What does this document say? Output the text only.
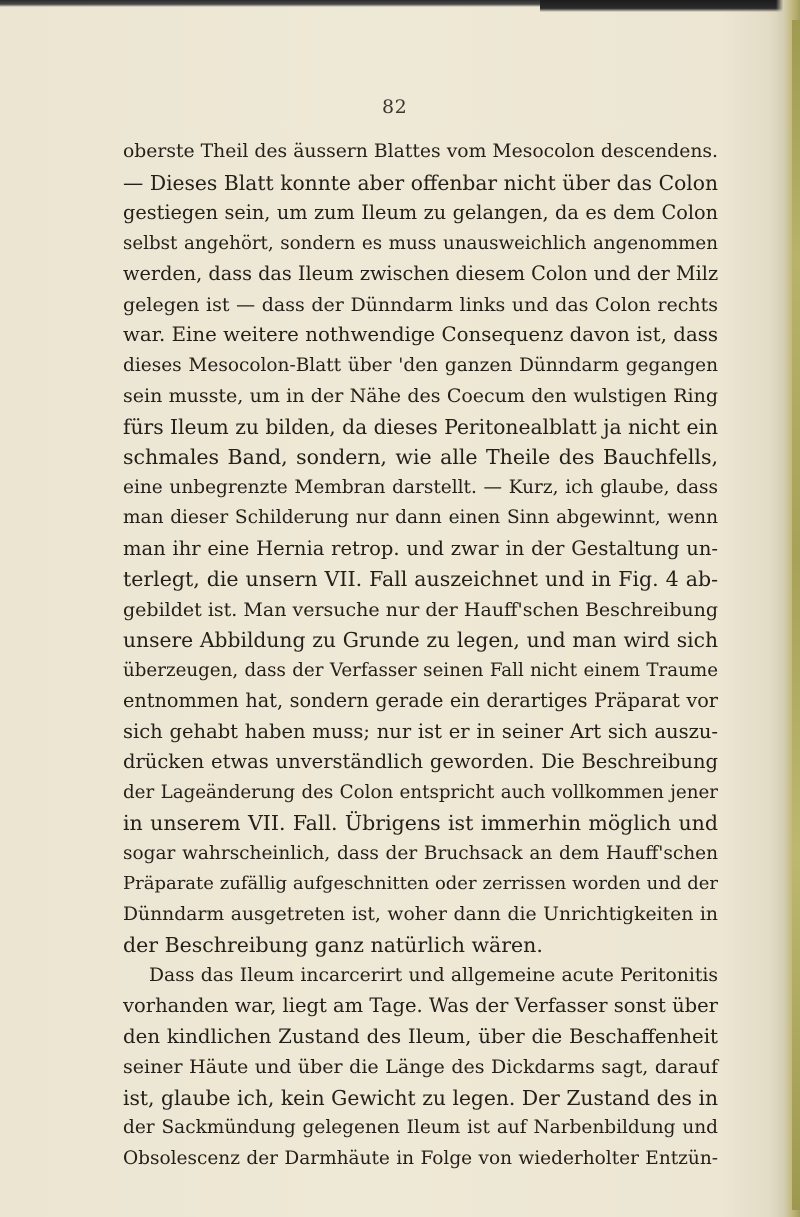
82
oberste Theil des äussern Blattes vom Mesocolon descendens.
— Dieses Blatt konnte aber offenbar nicht über das Colon
gestiegen sein, um zum Ileum zu gelangen, da es dem Colon
selbst angehört, sondern es muss unausweichlich angenommen
werden, dass das Ileum zwischen diesem Colon und der Milz
gelegen ist — dass der Dünndarm links und das Colon rechts
war. Eine weitere nothwendige Consequenz davon ist, dass
dieses Mesocolon-Blatt über 'den ganzen Dünndarm gegangen
sein musste, um in der Nähe des Coecum den wulstigen Ring
fürs Ileum zu bilden, da dieses Peritonealblatt ja nicht ein
schmales Band, sondern, wie alle Theile des Bauchfells,
eine unbegrenzte Membran darstellt. — Kurz, ich glaube, dass
man dieser Schilderung nur dann einen Sinn abgewinnt, wenn
man ihr eine Hernia retrop. und zwar in der Gestaltung un-
terlegt, die unsern VII. Fall auszeichnet und in Fig. 4 ab-
gebildet ist. Man versuche nur der Hauff'schen Beschreibung
unsere Abbildung zu Grunde zu legen, und man wird sich
überzeugen, dass der Verfasser seinen Fall nicht einem Traume
entnommen hat, sondern gerade ein derartiges Präparat vor
sich gehabt haben muss; nur ist er in seiner Art sich auszu-
drücken etwas unverständlich geworden. Die Beschreibung
der Lageänderung des Colon entspricht auch vollkommen jener
in unserem VII. Fall. Übrigens ist immerhin möglich und
sogar wahrscheinlich, dass der Bruchsack an dem Hauff'schen
Präparate zufällig aufgeschnitten oder zerrissen worden und der
Dünndarm ausgetreten ist, woher dann die Unrichtigkeiten in
der Beschreibung ganz natürlich wären.
Dass das Ileum incarcerirt und allgemeine acute Peritonitis
vorhanden war, liegt am Tage. Was der Verfasser sonst über
den kindlichen Zustand des Ileum, über die Beschaffenheit
seiner Häute und über die Länge des Dickdarms sagt, darauf
ist, glaube ich, kein Gewicht zu legen. Der Zustand des in
der Sackmündung gelegenen Ileum ist auf Narbenbildung und
Obsolescenz der Darmhäute in Folge von wiederholter Entzün-
